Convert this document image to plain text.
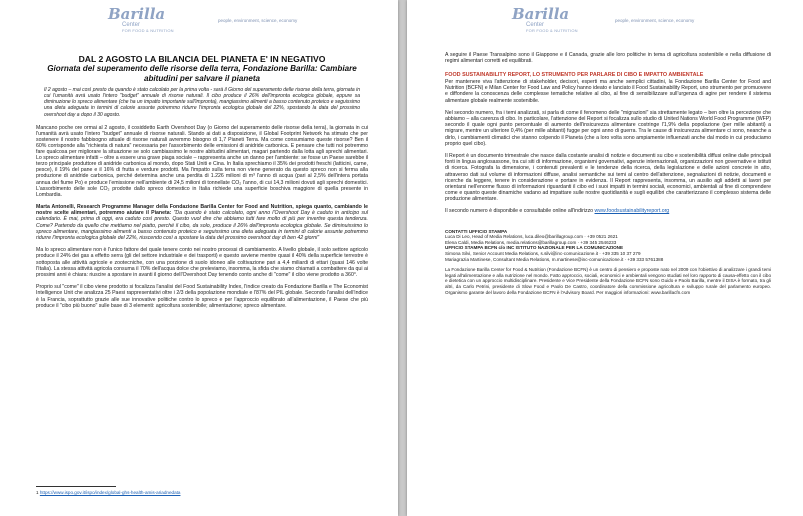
Barilla
Center
FOR FOOD & NUTRITION
people, environment, science, economy
DAL 2 AGOSTO LA BILANCIA DEL PIANETA E' IN NEGATIVO
Giornata del superamento delle risorse della terra, Fondazione Barilla: Cambiare abitudini per salvare il pianeta
Il 2 agosto – mai così presto da quando è stato calcolato per la prima volta - sarà il Giorno del superamento delle risorse della terra, giornata in cui l'umanità avrà usato l'intero "budget" annuale di risorse naturali. Il cibo produce il 26% dell'impronta ecologica globale, eppure sa diminuzione lo spreco alimentare (che ha un impatto importante sull'impronta), mangiassimo alimenti a basso contenuto proteico e seguissimo una dieta adeguata in termini di calorie assunte potremmo ridurre l'impronta ecologica globale del 22%, spostando la data del prossimo overshoot day a dopo il 30 agosto.

Mancano poche ore ormai al 2 agosto, il cosiddetto Earth Overshoot Day (o Giorno del superamento delle risorse della terra), la giornata in cui l'umanità avrà usato l'intero "budget" annuale di risorse naturali. Stando ai dati a disposizione, il Global Footprint Network ha stimato che per sostenere il nostro fabbisogno attuale di risorse naturali avremmo bisogno di 1,7 Pianeti Terra. Ma come consumiamo queste risorse? Ben il 60% corrisponde alla "richiesta di natura" necessaria per l'assorbimento delle emissioni di anidride carbonica. E pensare che tutti noi potremmo fare qualcosa per migliorare la situazione se solo cambiassimo le nostre abitudini alimentari, magari partendo dalla lotta agli sprechi alimentari. Lo spreco alimentare infatti – oltre a essere una grave piaga sociale – rappresenta anche un danno per l'ambiente: se fosse un Paese sarebbe il terzo principale produttore di anidride carbonica al mondo, dopo Stati Uniti e Cina. In Italia sprechiamo il 35% dei prodotti freschi (latticini, carne, pesce), il 19% del pane e il 16% di frutta e verdure prodotti. Ma l'impatto sulla terra non viene generato da questo spreco non si ferma alla produzione di anidride carbonica, perché determina anche una perdita di 1.226 milioni di m³ l'anno di acqua (pari al 2,5% dell'intera portata annua del fiume Po) e produce l'emissione nell'ambiente di 24,5 milioni di tonnellate CO₂ l'anno, di cui 14,3 milioni dovuti agli sprechi domestici. L'assorbimento delle sole CO₂ prodotte dallo spreco domestico in Italia richiede una superficie boschiva maggiore di quella presente in Lombardia.

Marta Antonelli, Research Programme Manager della Fondazione Barilla Center for Food and Nutrition, spiega quanto, cambiando le nostre scelte alimentari, potremmo aiutare il Pianeta: "Da quando è stato calcolato, ogni anno l'Overshoot Day è caduto in anticipo sul calendario. È mai, prima di oggi, era caduto così presto. Questo vuol dire che abbiamo tutti fare molto di più per invertire questa tendenza. Come? Partendo da quello che mettiamo nel piatto, perché il cibo, da solo, produce il 26% dell'impronta ecologica globale. Se diminuissimo lo spreco alimentare, mangiassimo alimenti a basso contenuto proteico e seguissimo una dieta adeguata in termini di calorie assunte potremmo ridurre l'impronta ecologica globale del 22%, riuscendo così a spostare la data del prossimo overshoot day di ben 42 giorni"

Ma lo spreco alimentare non è l'unico fattore del quale tenere conto nei nostro processi di cambiamento. A livello globale, il solo settore agricolo produce il 24% dei gas a effetto serra (gli del settore industriale e dei trasporti) e questo avviene mentre quasi il 40% della superficie terrestre è sottoposta alle attività agricole e zootecniche, con una porzione di suolo idoneo alle coltivazione pari a 4,4 miliardi di ettari (quasi 146 volte l'Italia). La stessa attività agricola consuma il 70% dell'acqua dolce che preleviamo, insomma, la sfida che siamo chiamati a combattere da qui ai prossimi anni è chiara: riuscire a spostare in avanti il giorno dell'Overshoot Day tenendo conto anche di "come" il cibo viene prodotto a 360°.

Proprio sul "come" il cibo viene prodotto si focalizza l'analisi del Food Sustainability Index, l'indice creato da Fondazione Barilla e The Economist Intelligence Unit che analizza 25 Paesi rappresentativi oltre i 2/3 della popolazione mondiale e l'87% del PIL globale. Secondo l'analisi dell'indice è la Francia, soprattutto grazie alle sue innovative politiche contro lo spreco e per l'approccio equilibrato all'alimentazione, il Paese che più produce il "cibo più buono" sulle base di 3 elementi: agricoltura sostenibile; alimentazione; spreco alimentare.

1 https://www.ispo.gov.it/ispo/index/global-ghs-health-amis-ariadnedata
Barilla
Center
FOR FOOD & NUTRITION
people, environment, science, economy

A seguire il Paese Transalpino sono il Giappone e il Canada, grazie alle loro politiche in tema di agricoltura sostenibile e nella diffusione di regimi alimentari corretti ed equilibrati.

FOOD SUSTAINABILITY REPORT, LO STRUMENTO PER PARLARE DI CIBO E IMPATTO AMBIENTALE

Per mantenere viva l'attenzione di stakeholder, decisori, esperti ma anche semplici cittadini, la Fondazione Barilla Center for Food and Nutrition (BCFN) e Milan Center for Food Law and Policy hanno ideato e lanciato il Food Sustainability Report, uno strumento per promuovere e diffondere la conoscenza delle complesse tematiche relative al cibo, al fine di sensibilizzare sull'urgenza di agire per rendere il sistema alimentare globale realmente sostenibile.

Nel secondo numero, fra i temi analizzati, si parla di come il fenomeno delle "migrazioni" sia strettamente legato – ben oltre la percezione che abbiamo – alla carenza di cibo. In particolare, l'attenzione del Report si focalizza sullo studio di United Nations World Food Programme (WFP) secondo il quale ogni punto percentuale di aumento dell'insicurezza alimentare costringe l'1,9% della popolazione (per mille abitanti) a migrare, mentre un ulteriore 0,4% (per mille abitanti) fugge per ogni anno di guerra. Tra le cause di insicurezza alimentare ci sono, neanche a dirlo, i cambiamenti climatici che stanno colpendo il Pianeta (che a loro volta sono ampiamente influenzati anche dal modo in cui produciamo proprio quel cibo).

Il Report è un documento trimestrale che nasce dalla costante analisi di notizie e documenti su cibo e sostenibilità diffusi online dalle principali fonti in lingua anglosassone, tra cui siti di informazione, organismi governativi, agenzie internazionali, organizzazioni non governative e istituti di ricerca. Fotografa la dimensione, i contenuti prevalenti e le tendenze della ricerca, della legislazione e delle azioni concrete in atto, attraverso dati sul volume di informazioni diffuse, analisi semantiche sui temi al centro dell'attenzione, segnalazioni di notizie, documenti e ricerche da leggere, tenere in considerazione e portare in evidenza. Il Report rappresenta, insomma, un ausilio agli addetti ai lavori per orientarsi nell'enorme flusso di informazioni riguardanti il cibo ed i suoi impatti in termini sociali, economici, ambientali al fine di comprendere come e quanto queste dinamiche vadano ad impattare sulle nostre quotidianità e sugli equilibri che caratterizzano il complesso sistema delle produzione alimentare.

Il secondo numero è disponibile e consultabile online all'indirizzo www.foodsustainabilityreport.org

CONTATTI UFFICIO STAMPA
Luca Di Leo, Head of Media Relations, luca.dileo@barillagroup.com · +39 0521 2621
Elena Caldi, Media Relations, media.relations@barillagroup.com · +39 345 2546233
UFFICIO STAMPA BCFN c/o INC ISTITUTO NAZIONALE PER LA COMUNICAZIONE
Simona Silvi, Senior Account Media Relations, s.silvi@inc-comunicazione.it · +39 335 10 37 279
Mariagrazia Martinese, Consultant Media Relations, m.martinese@inc-comunicazione.it · +39 333 5761388
La Fondazione Barilla Center for Food & Nutrition (Fondazione BCFN) è un centro di pensiero e proposte nato nel 2009 con l'obiettivo di analizzare i grandi temi legati all'alimentazione e alla nutrizione nel mondo. Fatto approccio, sociali, economici e ambientali vengono studiati nel loro rapporto di causa-effetto con il cibo e dietetica con un approccio multidisciplinare. Presidente e Vice Presidente della Fondazione BCFN sono Guido e Paolo Barilla, mentre il DISA è formato, tra gli altri, da Carlo Petrini, presidente di Slow Food e Paolo De Castro, coordinatore della commissione agricoltura e sviluppo rurale del parlamento europeo. Organismo garante del lavoro della Fondazione BCFN è l'Advisory Board. Per maggiori informazioni: www.barillacfn.com
